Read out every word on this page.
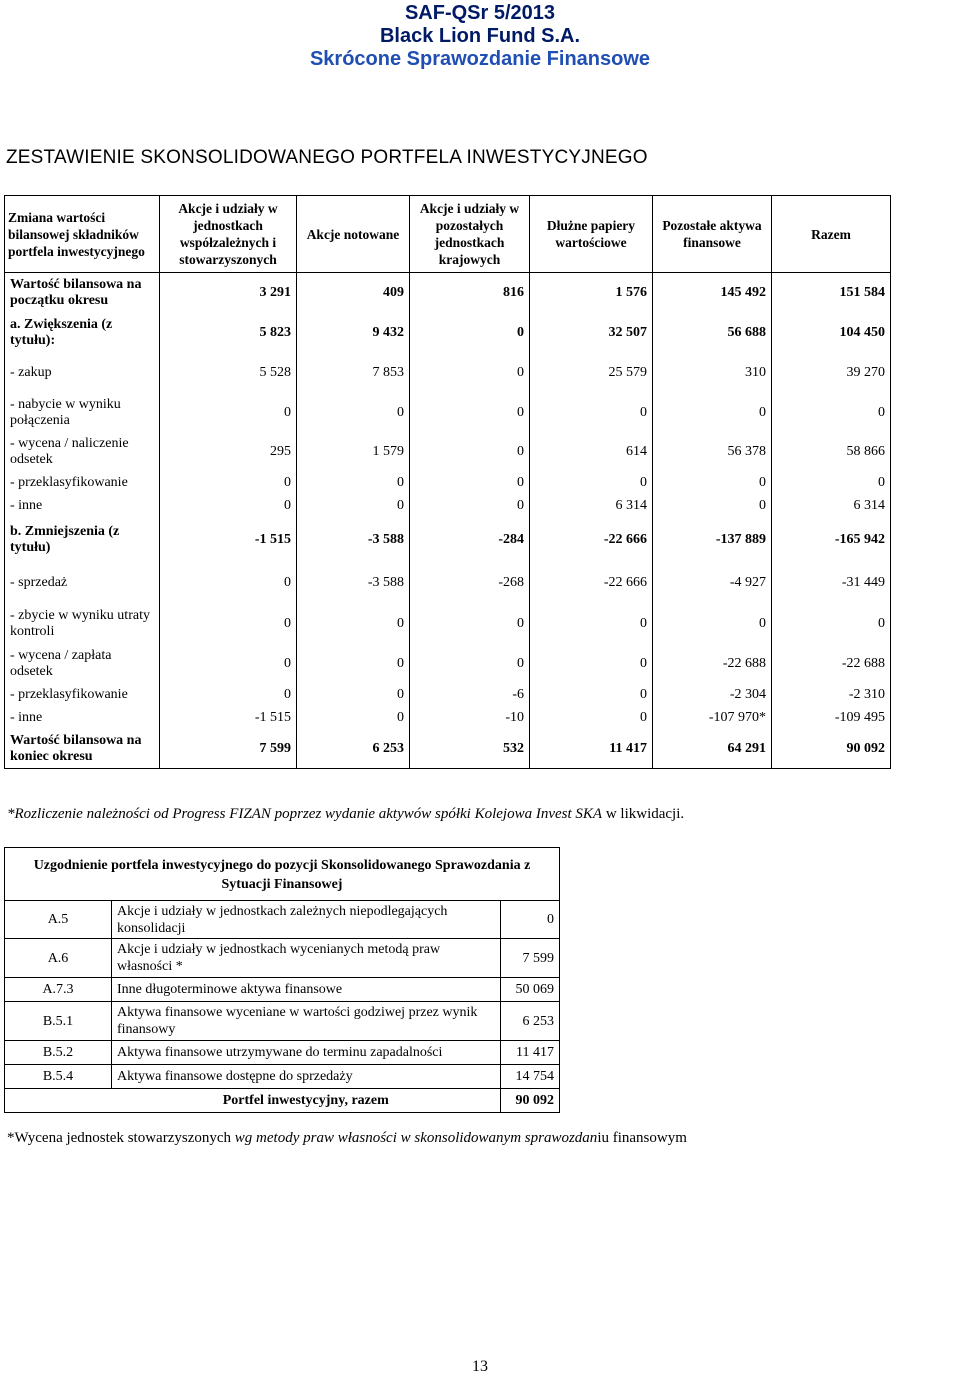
SAF-QSr 5/2013
Black Lion Fund S.A.
Skrócone Sprawozdanie Finansowe
ZESTAWIENIE SKONSOLIDOWANEGO PORTFELA INWESTYCYJNEGO
Zmiana wartości bilansowej składników portfela inwestycyjnego	Akcje i udziały w jednostkach współzależnych i stowarzyszonych	Akcje notowane	Akcje i udziały w pozostałych jednostkach krajowych	Dłużne papiery wartościowe	Pozostałe aktywa finansowe	Razem
Wartość bilansowa na początku okresu	3 291	409	816	1 576	145 492	151 584
a. Zwiększenia (z tytułu):	5 823	9 432	0	32 507	56 688	104 450
- zakup	5 528	7 853	0	25 579	310	39 270
- nabycie w wyniku połączenia	0	0	0	0	0	0
- wycena / naliczenie odsetek	295	1 579	0	614	56 378	58 866
- przeklasyfikowanie	0	0	0	0	0	0
- inne	0	0	0	6 314	0	6 314
b. Zmniejszenia (z tytułu)	-1 515	-3 588	-284	-22 666	-137 889	-165 942
- sprzedaż	0	-3 588	-268	-22 666	-4 927	-31 449
- zbycie w wyniku utraty kontroli	0	0	0	0	0	0
- wycena / zapłata odsetek	0	0	0	0	-22 688	-22 688
- przeklasyfikowanie	0	0	-6	0	-2 304	-2 310
- inne	-1 515	0	-10	0	-107 970*	-109 495
Wartość bilansowa na koniec okresu	7 599	6 253	532	11 417	64 291	90 092
*Rozliczenie należności od Progress FIZAN poprzez wydanie aktywów spółki Kolejowa Invest SKA w likwidacji.
Uzgodnienie portfela inwestycyjnego do pozycji Skonsolidowanego Sprawozdania z Sytuacji Finansowej		
A.5	Akcje i udziały w jednostkach zależnych niepodlegających konsolidacji	0
A.6	Akcje i udziały w jednostkach wycenianych metodą praw własności *	7 599
A.7.3	Inne długoterminowe aktywa finansowe	50 069
B.5.1	Aktywa finansowe wyceniane w wartości godziwej przez wynik finansowy	6 253
B.5.2	Aktywa finansowe utrzymywane do terminu zapadalności	11 417
B.5.4	Aktywa finansowe dostępne do sprzedaży	14 754
	Portfel inwestycyjny, razem	90 092
*Wycena jednostek stowarzyszonych wg metody praw własności w skonsolidowanym sprawozdaniu finansowym
13
